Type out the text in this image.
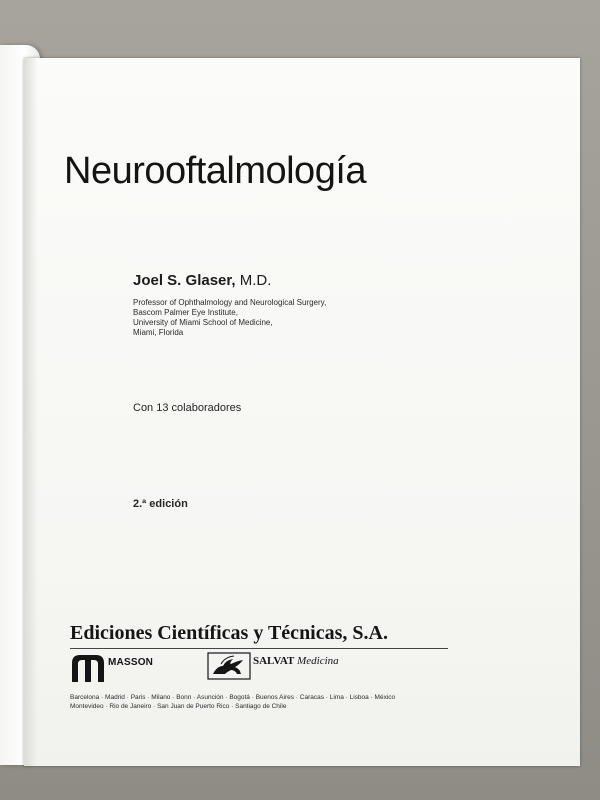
Neurooftalmología

Joel S. Glaser, M.D.

Professor of Ophthalmology and Neurological Surgery,
Bascom Palmer Eye Institute,
University of Miami School of Medicine,
Miami, Florida

Con 13 colaboradores

2.ª edición

Ediciones Científicas y Técnicas, S.A.

MASSON	SALVAT Medicina

Barcelona · Madrid · Paris · Milano · Bonn · Asunción · Bogotá · Buenos Aires · Caracas · Lima · Lisboa · México
Montevideo · Rio de Janeiro · San Juan de Puerto Rico · Santiago de Chile
